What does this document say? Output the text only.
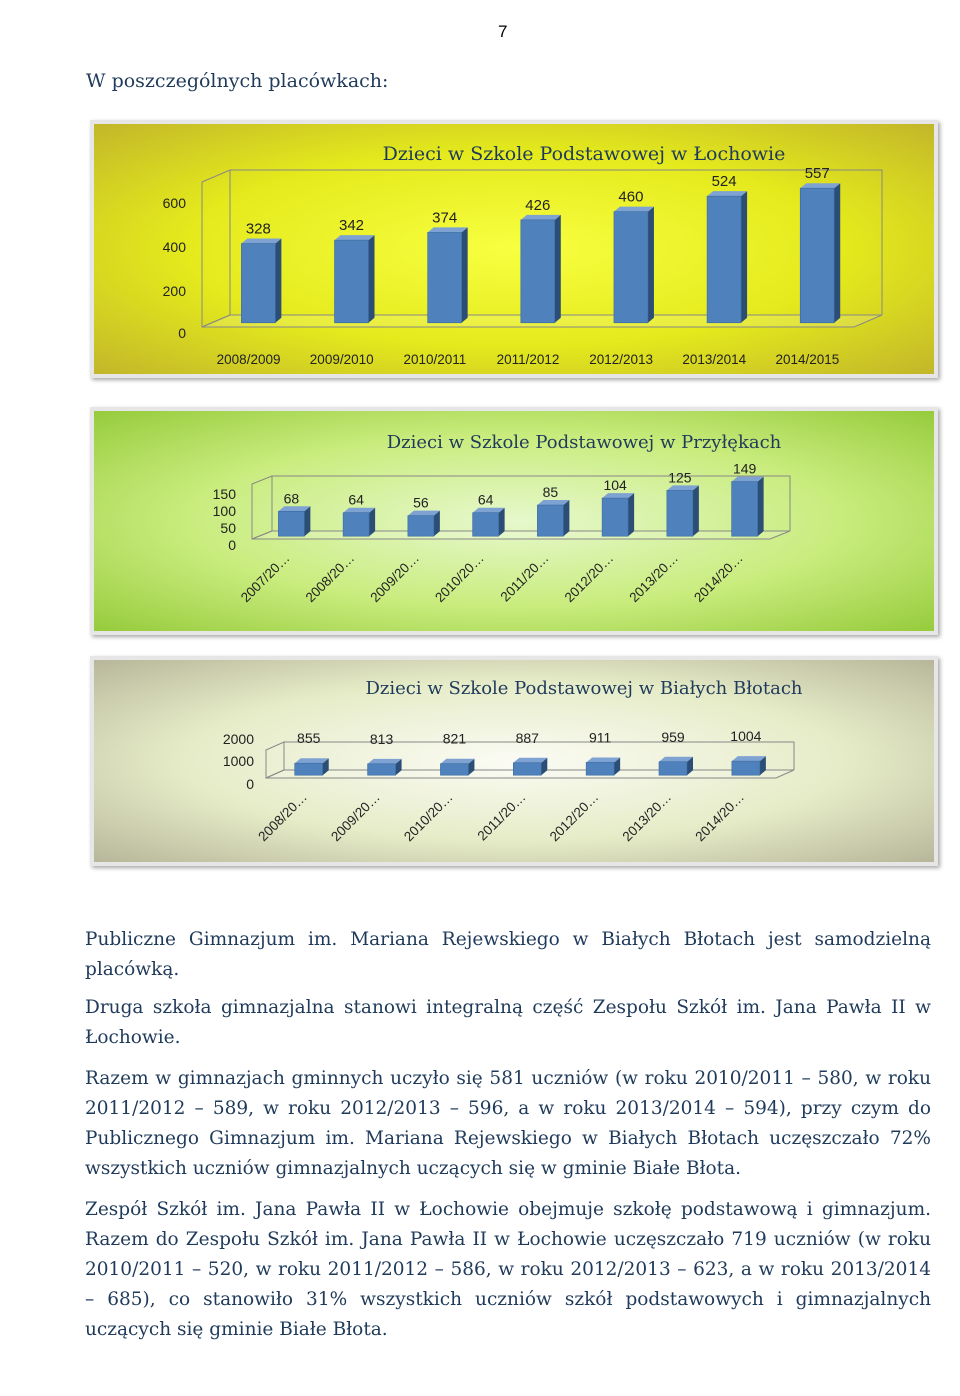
7
W poszczególnych placówkach:
Dzieci w Szkole Podstawowej w Łochowie
600
400
200
0
328
2008/2009
342
2009/2010
374
2010/2011
426
2011/2012
460
2012/2013
524
2013/2014
557
2014/2015
Dzieci w Szkole Podstawowej w Przyłękach
150
100
50
0
68
2007/20…
64
2008/20…
56
2009/20…
64
2010/20…
85
2011/20…
104
2012/20…
125
2013/20…
149
2014/20…
Dzieci w Szkole Podstawowej w Białych Błotach
2000
1000
0
855
2008/20…
813
2009/20…
821
2010/20…
887
2011/20…
911
2012/20…
959
2013/20…
1004
2014/20…

Publiczne Gimnazjum im. Mariana Rejewskiego w Białych Błotach jest samodzielną placówką.

Druga szkoła gimnazjalna stanowi integralną część Zespołu Szkół im. Jana Pawła II w Łochowie.

Razem w gimnazjach gminnych uczyło się 581 uczniów (w roku 2010/2011 – 580, w roku 2011/2012 – 589, w roku 2012/2013 – 596, a w roku 2013/2014 – 594), przy czym do Publicznego Gimnazjum im. Mariana Rejewskiego w Białych Błotach uczęszczało 72% wszystkich uczniów gimnazjalnych uczących się w gminie Białe Błota.

Zespół Szkół im. Jana Pawła II w Łochowie obejmuje szkołę podstawową i gimnazjum. Razem do Zespołu Szkół im. Jana Pawła II w Łochowie uczęszczało 719 uczniów (w roku 2010/2011 – 520, w roku 2011/2012 – 586, w roku 2012/2013 – 623, a w roku 2013/2014 – 685), co stanowiło 31% wszystkich uczniów szkół podstawowych i gimnazjalnych uczących się gminie Białe Błota.
